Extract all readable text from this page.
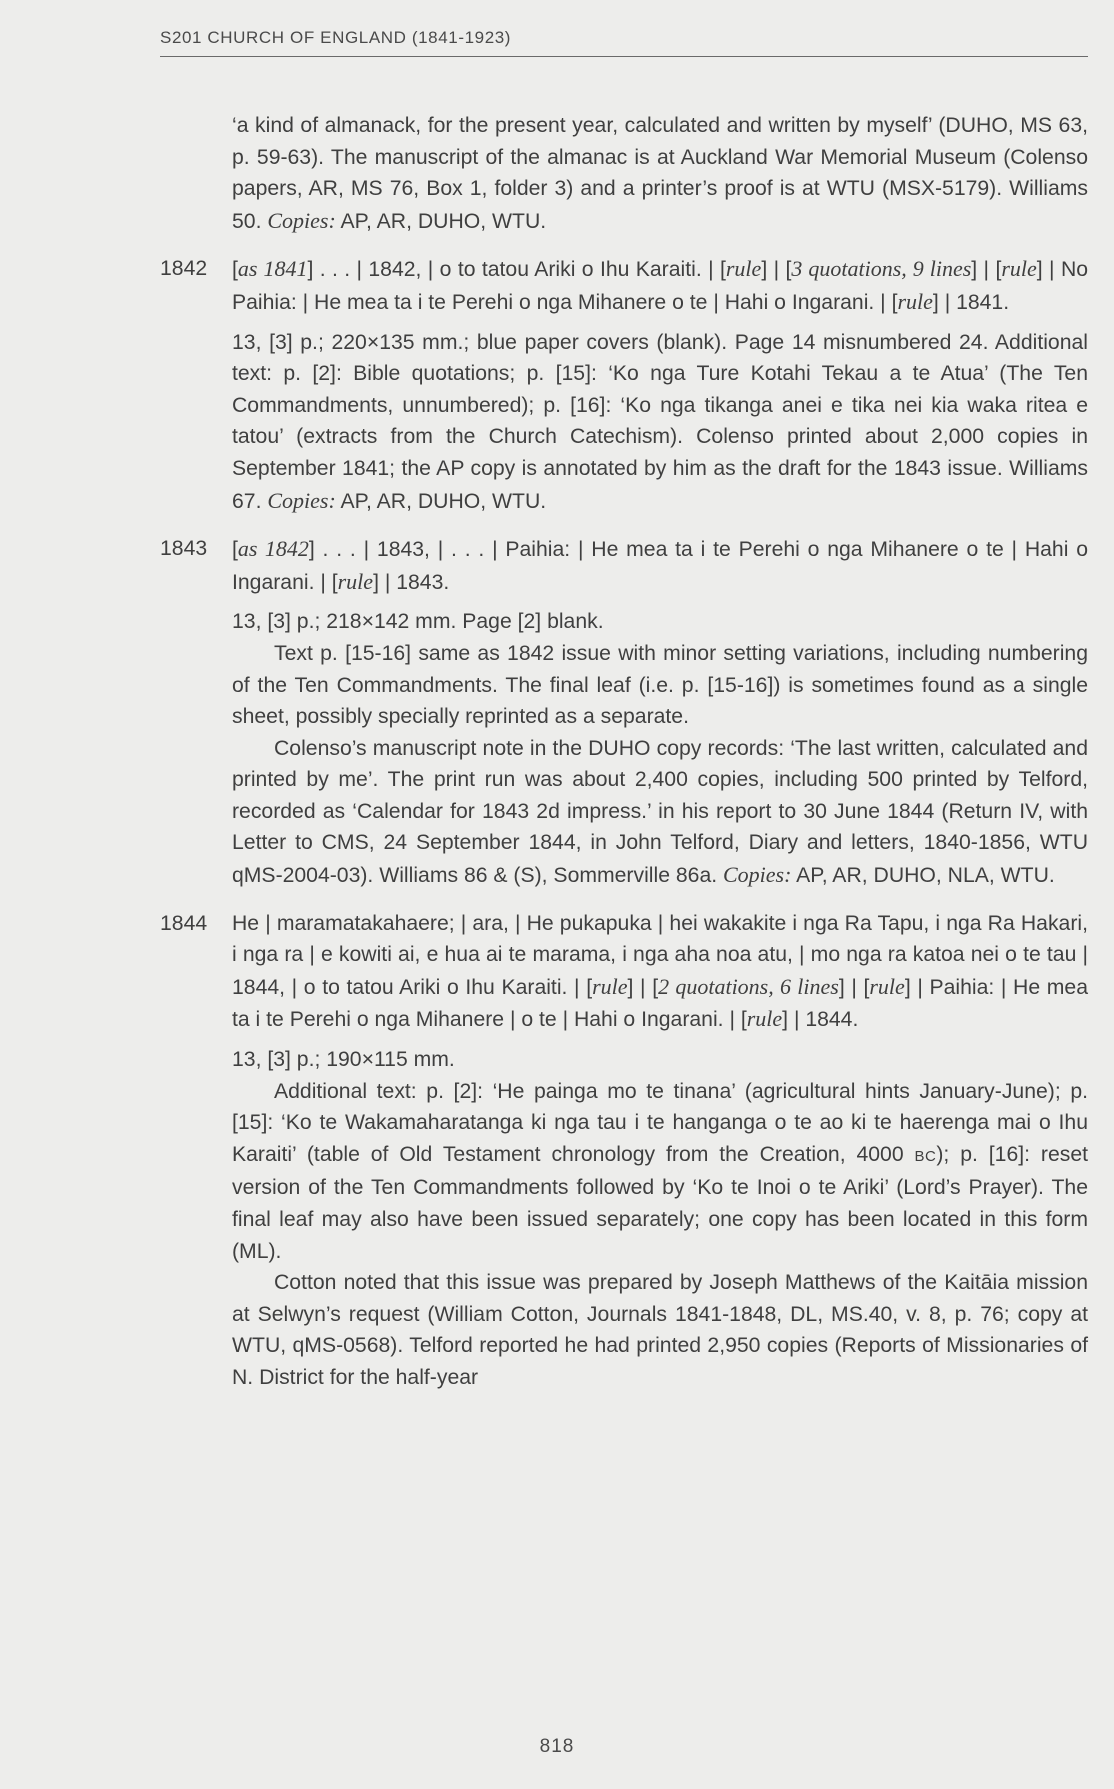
S201 CHURCH OF ENGLAND (1841-1923)

‘a kind of almanack, for the present year, calculated and written by myself’ (DUHO, MS 63, p. 59-63). The manuscript of the almanac is at Auckland War Memorial Museum (Colenso papers, AR, MS 76, Box 1, folder 3) and a printer’s proof is at WTU (MSX-5179). Williams 50. Copies: AP, AR, DUHO, WTU.

1842	[as 1841] . . . | 1842, | o to tatou Ariki o Ihu Karaiti. | [rule] | [3 quotations, 9 lines] | [rule] | No Paihia: | He mea ta i te Perehi o nga Mihanere o te | Hahi o Ingarani. | [rule] | 1841.

13, [3] p.; 220×135 mm.; blue paper covers (blank). Page 14 misnumbered 24. Additional text: p. [2]: Bible quotations; p. [15]: ‘Ko nga Ture Kotahi Tekau a te Atua’ (The Ten Commandments, unnumbered); p. [16]: ‘Ko nga tikanga anei e tika nei kia waka ritea e tatou’ (extracts from the Church Catechism). Colenso printed about 2,000 copies in September 1841; the AP copy is annotated by him as the draft for the 1843 issue. Williams 67. Copies: AP, AR, DUHO, WTU.

1843	[as 1842] . . . | 1843, | . . . | Paihia: | He mea ta i te Perehi o nga Mihanere o te | Hahi o Ingarani. | [rule] | 1843.

13, [3] p.; 218×142 mm. Page [2] blank.

Text p. [15-16] same as 1842 issue with minor setting variations, including numbering of the Ten Commandments. The final leaf (i.e. p. [15-16]) is sometimes found as a single sheet, possibly specially reprinted as a separate.

Colenso’s manuscript note in the DUHO copy records: ‘The last written, calculated and printed by me’. The print run was about 2,400 copies, including 500 printed by Telford, recorded as ‘Calendar for 1843 2d impress.’ in his report to 30 June 1844 (Return IV, with Letter to CMS, 24 September 1844, in John Telford, Diary and letters, 1840-1856, WTU qMS-2004-03). Williams 86 & (S), Sommerville 86a. Copies: AP, AR, DUHO, NLA, WTU.

1844	He | maramatakahaere; | ara, | He pukapuka | hei wakakite i nga Ra Tapu, i nga Ra Hakari, i nga ra | e kowiti ai, e hua ai te marama, i nga aha noa atu, | mo nga ra katoa nei o te tau | 1844, | o to tatou Ariki o Ihu Karaiti. | [rule] | [2 quotations, 6 lines] | [rule] | Paihia: | He mea ta i te Perehi o nga Mihanere | o te | Hahi o Ingarani. | [rule] | 1844.

13, [3] p.; 190×115 mm.

Additional text: p. [2]: ‘He painga mo te tinana’ (agricultural hints January-June); p. [15]: ‘Ko te Wakamaharatanga ki nga tau i te hanganga o te ao ki te haerenga mai o Ihu Karaiti’ (table of Old Testament chronology from the Creation, 4000 BC); p. [16]: reset version of the Ten Commandments followed by ‘Ko te Inoi o te Ariki’ (Lord’s Prayer). The final leaf may also have been issued separately; one copy has been located in this form (ML).

Cotton noted that this issue was prepared by Joseph Matthews of the Kaitāia mission at Selwyn’s request (William Cotton, Journals 1841-1848, DL, MS.40, v. 8, p. 76; copy at WTU, qMS-0568). Telford reported he had printed 2,950 copies (Reports of Missionaries of N. District for the half-year

818
